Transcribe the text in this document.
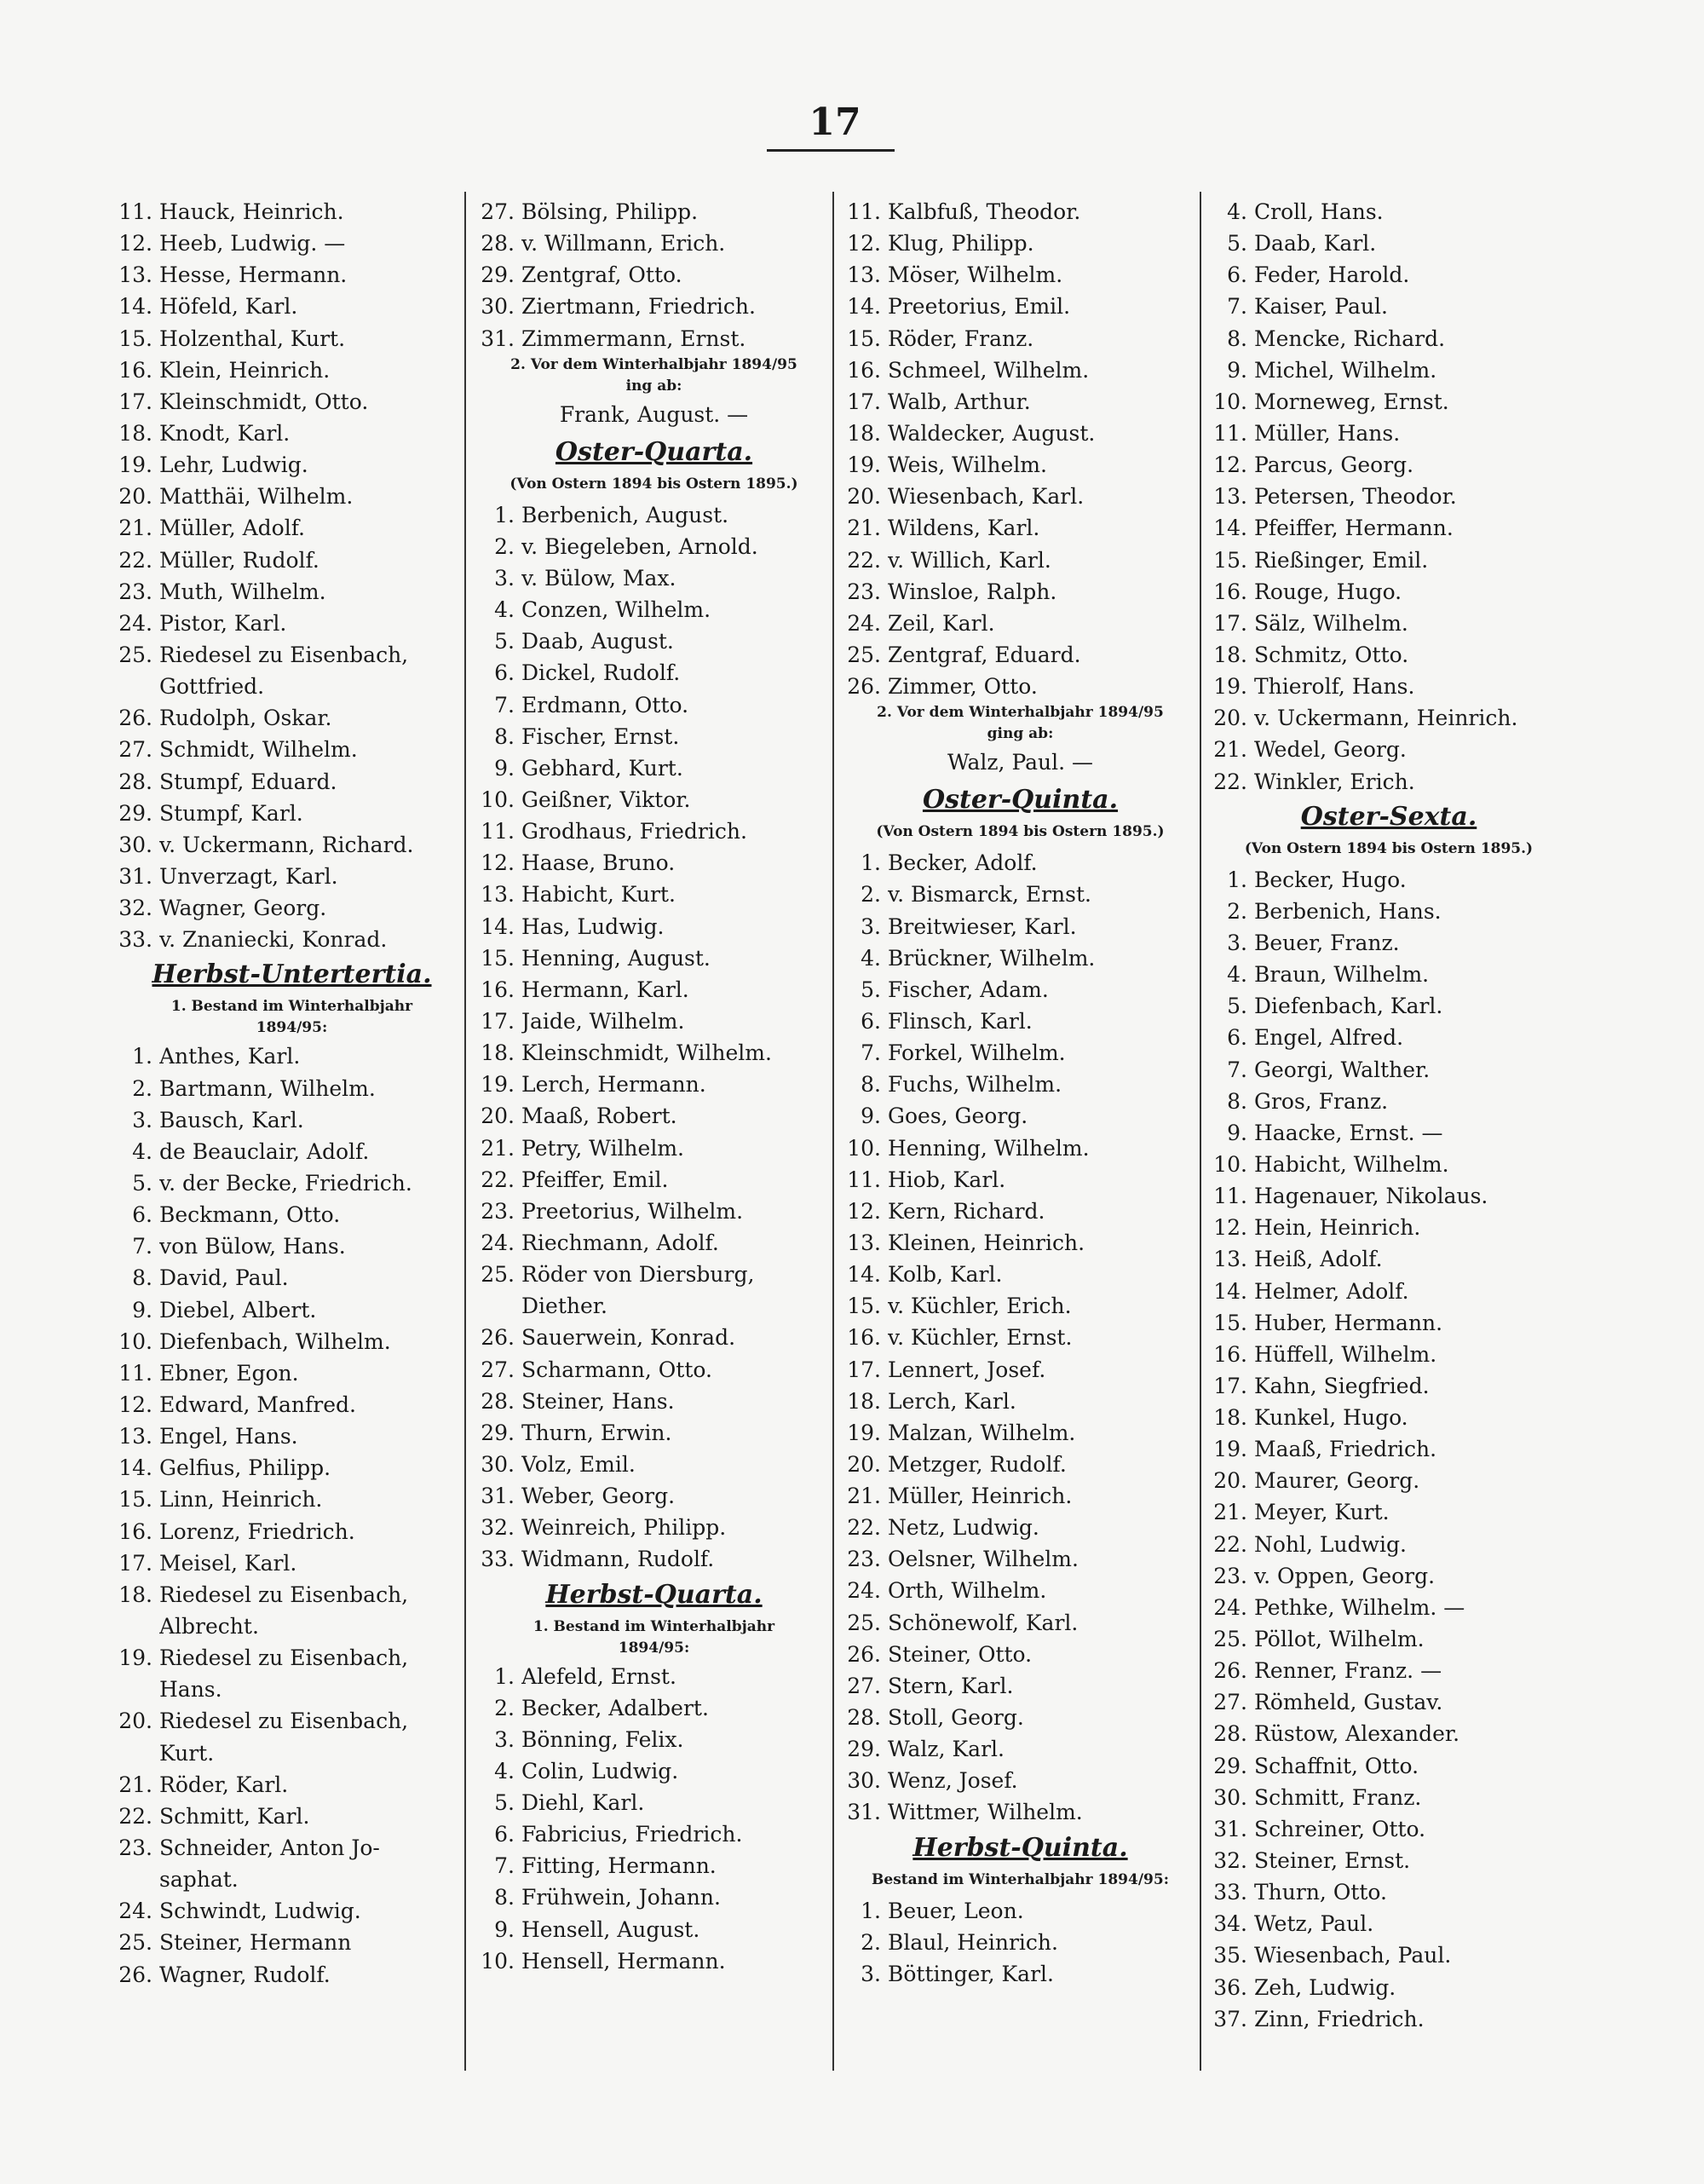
17
11. Hauck, Heinrich.
12. Heeb, Ludwig. —
13. Hesse, Hermann.
14. Höfeld, Karl.
15. Holzenthal, Kurt.
16. Klein, Heinrich.
17. Kleinschmidt, Otto.
18. Knodt, Karl.
19. Lehr, Ludwig.
20. Matthäi, Wilhelm.
21. Müller, Adolf.
22. Müller, Rudolf.
23. Muth, Wilhelm.
24. Pistor, Karl.
25. Riedesel zu Eisenbach,
Gottfried.
26. Rudolph, Oskar.
27. Schmidt, Wilhelm.
28. Stumpf, Eduard.
29. Stumpf, Karl.
30. v. Uckermann, Richard.
31. Unverzagt, Karl.
32. Wagner, Georg.
33. v. Znaniecki, Konrad.
Herbst-Untertertia.
1. Bestand im Winterhalbjahr
1894/95:
1. Anthes, Karl.
2. Bartmann, Wilhelm.
3. Bausch, Karl.
4. de Beauclair, Adolf.
5. v. der Becke, Friedrich.
6. Beckmann, Otto.
7. von Bülow, Hans.
8. David, Paul.
9. Diebel, Albert.
10. Diefenbach, Wilhelm.
11. Ebner, Egon.
12. Edward, Manfred.
13. Engel, Hans.
14. Gelfius, Philipp.
15. Linn, Heinrich.
16. Lorenz, Friedrich.
17. Meisel, Karl.
18. Riedesel zu Eisenbach,
Albrecht.
19. Riedesel zu Eisenbach,
Hans.
20. Riedesel zu Eisenbach,
Kurt.
21. Röder, Karl.
22. Schmitt, Karl.
23. Schneider, Anton Jo-
saphat.
24. Schwindt, Ludwig.
25. Steiner, Hermann
26. Wagner, Rudolf.
27. Bölsing, Philipp.
28. v. Willmann, Erich.
29. Zentgraf, Otto.
30. Ziertmann, Friedrich.
31. Zimmermann, Ernst.
2. Vor dem Winterhalbjahr 1894/95
ing ab:
Frank, August. —
Oster-Quarta.
(Von Ostern 1894 bis Ostern 1895.)
1. Berbenich, August.
2. v. Biegeleben, Arnold.
3. v. Bülow, Max.
4. Conzen, Wilhelm.
5. Daab, August.
6. Dickel, Rudolf.
7. Erdmann, Otto.
8. Fischer, Ernst.
9. Gebhard, Kurt.
10. Geißner, Viktor.
11. Grodhaus, Friedrich.
12. Haase, Bruno.
13. Habicht, Kurt.
14. Has, Ludwig.
15. Henning, August.
16. Hermann, Karl.
17. Jaide, Wilhelm.
18. Kleinschmidt, Wilhelm.
19. Lerch, Hermann.
20. Maaß, Robert.
21. Petry, Wilhelm.
22. Pfeiffer, Emil.
23. Preetorius, Wilhelm.
24. Riechmann, Adolf.
25. Röder von Diersburg,
Diether.
26. Sauerwein, Konrad.
27. Scharmann, Otto.
28. Steiner, Hans.
29. Thurn, Erwin.
30. Volz, Emil.
31. Weber, Georg.
32. Weinreich, Philipp.
33. Widmann, Rudolf.
Herbst-Quarta.
1. Bestand im Winterhalbjahr
1894/95:
1. Alefeld, Ernst.
2. Becker, Adalbert.
3. Bönning, Felix.
4. Colin, Ludwig.
5. Diehl, Karl.
6. Fabricius, Friedrich.
7. Fitting, Hermann.
8. Frühwein, Johann.
9. Hensell, August.
10. Hensell, Hermann.
11. Kalbfuß, Theodor.
12. Klug, Philipp.
13. Möser, Wilhelm.
14. Preetorius, Emil.
15. Röder, Franz.
16. Schmeel, Wilhelm.
17. Walb, Arthur.
18. Waldecker, August.
19. Weis, Wilhelm.
20. Wiesenbach, Karl.
21. Wildens, Karl.
22. v. Willich, Karl.
23. Winsloe, Ralph.
24. Zeil, Karl.
25. Zentgraf, Eduard.
26. Zimmer, Otto.
2. Vor dem Winterhalbjahr 1894/95
ging ab:
Walz, Paul. —
Oster-Quinta.
(Von Ostern 1894 bis Ostern 1895.)
1. Becker, Adolf.
2. v. Bismarck, Ernst.
3. Breitwieser, Karl.
4. Brückner, Wilhelm.
5. Fischer, Adam.
6. Flinsch, Karl.
7. Forkel, Wilhelm.
8. Fuchs, Wilhelm.
9. Goes, Georg.
10. Henning, Wilhelm.
11. Hiob, Karl.
12. Kern, Richard.
13. Kleinen, Heinrich.
14. Kolb, Karl.
15. v. Küchler, Erich.
16. v. Küchler, Ernst.
17. Lennert, Josef.
18. Lerch, Karl.
19. Malzan, Wilhelm.
20. Metzger, Rudolf.
21. Müller, Heinrich.
22. Netz, Ludwig.
23. Oelsner, Wilhelm.
24. Orth, Wilhelm.
25. Schönewolf, Karl.
26. Steiner, Otto.
27. Stern, Karl.
28. Stoll, Georg.
29. Walz, Karl.
30. Wenz, Josef.
31. Wittmer, Wilhelm.
Herbst-Quinta.
Bestand im Winterhalbjahr 1894/95:
1. Beuer, Leon.
2. Blaul, Heinrich.
3. Böttinger, Karl.
4. Croll, Hans.
5. Daab, Karl.
6. Feder, Harold.
7. Kaiser, Paul.
8. Mencke, Richard.
9. Michel, Wilhelm.
10. Morneweg, Ernst.
11. Müller, Hans.
12. Parcus, Georg.
13. Petersen, Theodor.
14. Pfeiffer, Hermann.
15. Rießinger, Emil.
16. Rouge, Hugo.
17. Sälz, Wilhelm.
18. Schmitz, Otto.
19. Thierolf, Hans.
20. v. Uckermann, Heinrich.
21. Wedel, Georg.
22. Winkler, Erich.
Oster-Sexta.
(Von Ostern 1894 bis Ostern 1895.)
1. Becker, Hugo.
2. Berbenich, Hans.
3. Beuer, Franz.
4. Braun, Wilhelm.
5. Diefenbach, Karl.
6. Engel, Alfred.
7. Georgi, Walther.
8. Gros, Franz.
9. Haacke, Ernst. —
10. Habicht, Wilhelm.
11. Hagenauer, Nikolaus.
12. Hein, Heinrich.
13. Heiß, Adolf.
14. Helmer, Adolf.
15. Huber, Hermann.
16. Hüffell, Wilhelm.
17. Kahn, Siegfried.
18. Kunkel, Hugo.
19. Maaß, Friedrich.
20. Maurer, Georg.
21. Meyer, Kurt.
22. Nohl, Ludwig.
23. v. Oppen, Georg.
24. Pethke, Wilhelm. —
25. Pöllot, Wilhelm.
26. Renner, Franz. —
27. Römheld, Gustav.
28. Rüstow, Alexander.
29. Schaffnit, Otto.
30. Schmitt, Franz.
31. Schreiner, Otto.
32. Steiner, Ernst.
33. Thurn, Otto.
34. Wetz, Paul.
35. Wiesenbach, Paul.
36. Zeh, Ludwig.
37. Zinn, Friedrich.
